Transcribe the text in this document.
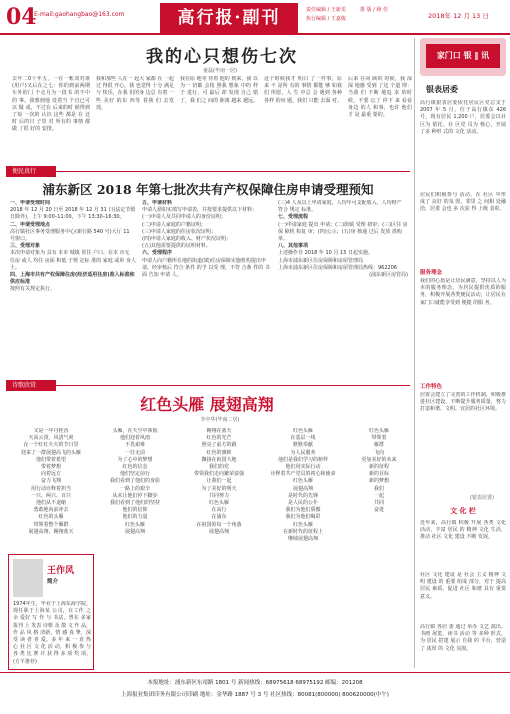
04
E-mail:gaohangbao@163.com	高行报·副刊	责任编辑 / 王新雯
执行编辑 / 王嘉俊
排 版 / 顾 佳
2018年 12 月 13 日
我的心只想伤七次
童磊(毕南一居)
去年二0十年五。一在一帐双对谁(用户)又后在之七：你的到前两期车外的门 个走月为一段书 的不中的 事。我想到他 处着当 个自已可 以 做 成，不过在 后来的时 候得到 了每 一次的 认识 这些 都是 在 这时 后的日 子里 对 所有的 事情 都做 了很 好的 安排。
我和那些 人在一 起大 家都 在 一起 过 得很 开心，我 也觉得 十分 满足 与 快乐，在我 们的身 边总 有着 一些 美好 的东 西等 着我 们 去发 现。
我在原 地等 待着 他的 到来，我 以 为一 切都 会按 照我 想象 中的 样子 进行，可 最后 却 发现 自己 错了，我 们之 间的 距离 越来 越远。
这个时候我才 明白 了一件事，原来 不 是所 有的 事情 都能 够 如我 们 所愿，人 生 中总 会 遇到 各种 各样 的问 题，我们 只能 去面 对。
后来 在回 顾的 时候，我 深深 地感 受到 了这 个道 理：当我 们 不断 地追 求 的时 候，不要 忘了 停下 来 看看 身边 的人 和事，也许 他们 才 是 最重 要的。
家门口 银 ‖ 讯
银表居委
高行镇银表居委依托居民区党总支于 2007 年 5 月，位于高行镇东 426 号，现有居民 1,200 户，居委会以社区为 依托、社 区党 员为 核心，开展 了多 种形 式的 文化 活动。
居民们积极参与 活动，在 社区 中形 成了 良好 的氛 围，邻里 之 间相 处融 洽，居委 会也 多 次获 得 上级 表彰。
服务理念
我们的心愿是让居民满意，坚持以人为本的服务理念，为居民提供优质的服务，积极开展各类便民活动，让居民在家门口就能享受到 便捷 的服 务。
工作特色
居委会建立了完善的工作机制，积极推进社区建设，不断提升服务质量，努力打造和谐、文明、宜居的社区环境。
(银表居委)
便民真行
浦东新区 2018 年第七批次共有产权保障住房申请受理预知
一、申请受理时间
2018 年 12 月 20 日至 2018 年 12 月 31 日(法定节假日除外)，上午 9:00–11:00，下午 13:30–16:30。
二、申请受理地点
高行镇社区事务受理服务中心(新行路 540 号)大厅 11 号窗口。
三、受理对象
本次申请对象为 具有 本市 城镇 常住 户口、在本 市无 住房 或人 均住 房面 积低 于规 定标 准的 家庭 或单 身人 士。
四、上海市共有产权保障住房(经济适用住房)准入标准和供应标准
按照有关规定执行。
五、申请材料
申请人须如实填写申请表，并按要求提供以下材料：
(一)申请人及共同申请人的身份证明；
(二)申请人家庭的户籍证明；
(三)申请人家庭的住房状况证明；
(四)申请人家庭的收入、财产状况证明；
(五)其他需要提供的证明材料。
六、受理程序
申请人向户籍所在地的街道(镇)住房保障实施机构提出申请，经审核后 符合 条件 的予 以受 理，不符 合条 件的 书面 告知 申请 人。
(三)4 人及以上申请家庭，人均年可支配收入、人均财产 符合 规定 标准。
七、受理流程
(一)申请家庭 提出 申请；(二)街镇 受理 初审；(三)区住 房保 障机 构复 审；(四)公示；(五)审 核通 过后 发放 准购 单。
八、其他事项
上述操作自 2018 年 10 月 15 日起实施。
上海市浦东新区住房保障和房屋管理局
上海市浦东新区住房保障和房屋管理局热线：962206
(浦东新区房管局)
诗歌欣赏
红色头雁 展翅高翔
李中华(毕南二居)
又是一年丹桂香
天高云淡，风清气爽
在一个红红火火的节日里
迎来了一群展翅高飞的头雁
他们带着希望
带着梦想
向着远方
奋力飞翔
用行动诠释着担当
一只、两只、百只
他们从不退缩
勇敢地向前冲去
红色的头雁
带领着整个雁群
展翅高翔，翱翔蓝天
头雁，在天空中领航
他们迎着风雨
不畏艰难
一往无前
为了心中的梦想
红色的信念
他们坚定前行
我们看到了他们的身影
一路上的艰辛
从未让他们停下脚步
我们看到了他们的坚持
他们的信仰
他们的力量
红色头雁
展翅高翔
翱翔在蓝天
红色的光芒
照亮了前方的路
红色的旗帜
飘扬在祖国大地
我们的党
带领我们走向繁荣富强
让我们一起
为了美好的明天
共同努力
红色头雁
在高行
在浦东
在祖国的每一个角落
展翅高翔
红色头雁
在基层一线
默默奉献
为人民服务
他们是我们学习的榜样
他们用实际行动
诠释着共产党员的初心和使命
红色头雁
展翅高翔
是时代的先锋
是人民的公仆
我们为他们骄傲
我们为他们喝彩
红色头雁
在新时代的征程上
继续展翅高翔
红色头雁
带领着
雁群
飞向
更加美好的未来
新的征程
新的目标
新的梦想
我们
一起
共同
奋进
王作风
简介
1974年生，毕业于上海东海学院，现任职于上海某 公司，在工作 之余 爱好 写 作 与 书法，曾在 多家 报刊 上 发表 诗歌 及 散 文 作 品，作 品 风 格 清新，情 感 真 挚，深 受 读 者 喜 爱。多 年 来 一 直 热 心 社 区 文 化 活 动，积 极 参 与 各 类 比 赛 并 获 得 多 项 奖 项。(方平推荐)
文 化 栏
近年来，高行镇 积极 开展 各类 文化 活动，丰富 居民 的 精神 文化 生活，推动 社区 文化 建设 不断 发展。
社区 文化 建设 是 社会 主义 精神 文明 建设 的 重要 组成 部分，对于 提高 居民 素质、促进 社区 和谐 具有 重要 意义。
高行镇 各居 委 通过 举办 文艺 演出、书画 展览、读书 活动 等 多种 形式，为 居民 搭建 展示 自我 的 平台，营造 了 浓厚 的 文化 氛围。
本报地址：浦东新区东靖路 1801 号 新闻热线：68975618 68975192 邮编：201208
上海报业集团印务有限公司印刷 地址：金华路 1887 号 3 号 社区热线：80081(800000) 800620000(中午)
